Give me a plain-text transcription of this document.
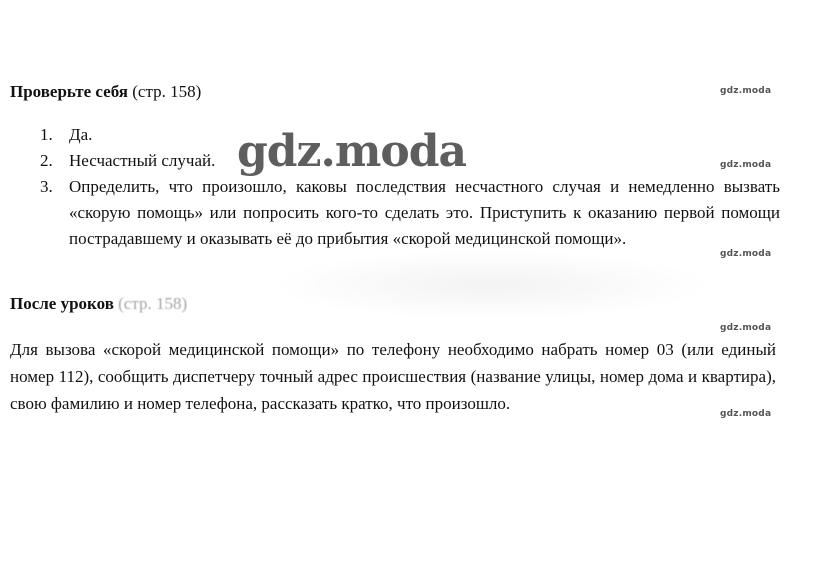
Проверьте себя (стр. 158)
1. Да.
2. Несчастный случай.
3. Определить, что произошло, каковы последствия несчастного случая и немедленно вызвать «скорую помощь» или попросить кого-то сделать это. Приступить к оказанию первой помощи пострадавшему и оказывать её до прибытия «скорой медицинской помощи».
После уроков (стр. 158)
Для вызова «скорой медицинской помощи» по телефону необходимо набрать номер 03 (или единый номер 112), сообщить диспетчеру точный адрес происшествия (название улицы, номер дома и квартира), свою фамилию и номер телефона, рассказать кратко, что произошло.
gdz.moda
gdz.moda
gdz.moda
gdz.moda
gdz.moda
gdz.moda
